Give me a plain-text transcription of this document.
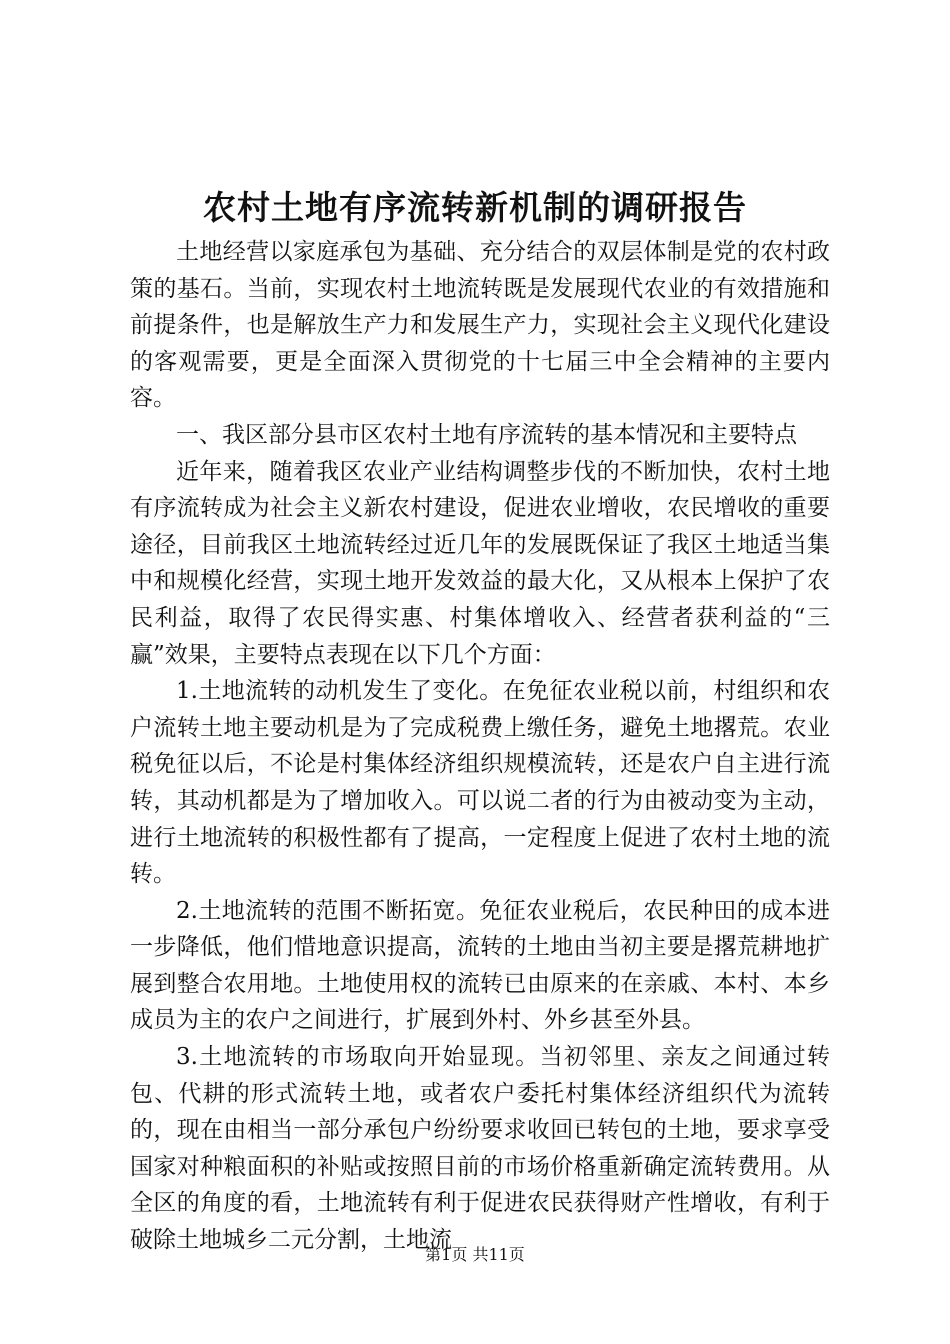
农村土地有序流转新机制的调研报告

土地经营以家庭承包为基础、充分结合的双层体制是党的农村政策的基石。当前，实现农村土地流转既是发展现代农业的有效措施和前提条件，也是解放生产力和发展生产力，实现社会主义现代化建设的客观需要，更是全面深入贯彻党的十七届三中全会精神的主要内容。

一、我区部分县市区农村土地有序流转的基本情况和主要特点

近年来，随着我区农业产业结构调整步伐的不断加快，农村土地有序流转成为社会主义新农村建设，促进农业增收，农民增收的重要途径，目前我区土地流转经过近几年的发展既保证了我区土地适当集中和规模化经营，实现土地开发效益的最大化，又从根本上保护了农民利益，取得了农民得实惠、村集体增收入、经营者获利益的“三赢”效果，主要特点表现在以下几个方面：

1.土地流转的动机发生了变化。在免征农业税以前，村组织和农户流转土地主要动机是为了完成税费上缴任务，避免土地撂荒。农业税免征以后，不论是村集体经济组织规模流转，还是农户自主进行流转，其动机都是为了增加收入。可以说二者的行为由被动变为主动，进行土地流转的积极性都有了提高，一定程度上促进了农村土地的流转。

2.土地流转的范围不断拓宽。免征农业税后，农民种田的成本进一步降低，他们惜地意识提高，流转的土地由当初主要是撂荒耕地扩展到整合农用地。土地使用权的流转已由原来的在亲戚、本村、本乡成员为主的农户之间进行，扩展到外村、外乡甚至外县。

3.土地流转的市场取向开始显现。当初邻里、亲友之间通过转包、代耕的形式流转土地，或者农户委托村集体经济组织代为流转的，现在由相当一部分承包户纷纷要求收回已转包的土地，要求享受国家对种粮面积的补贴或按照目前的市场价格重新确定流转费用。从全区的角度的看，土地流转有利于促进农民获得财产性增收，有利于破除土地城乡二元分割，土地流

第1页 共11页
